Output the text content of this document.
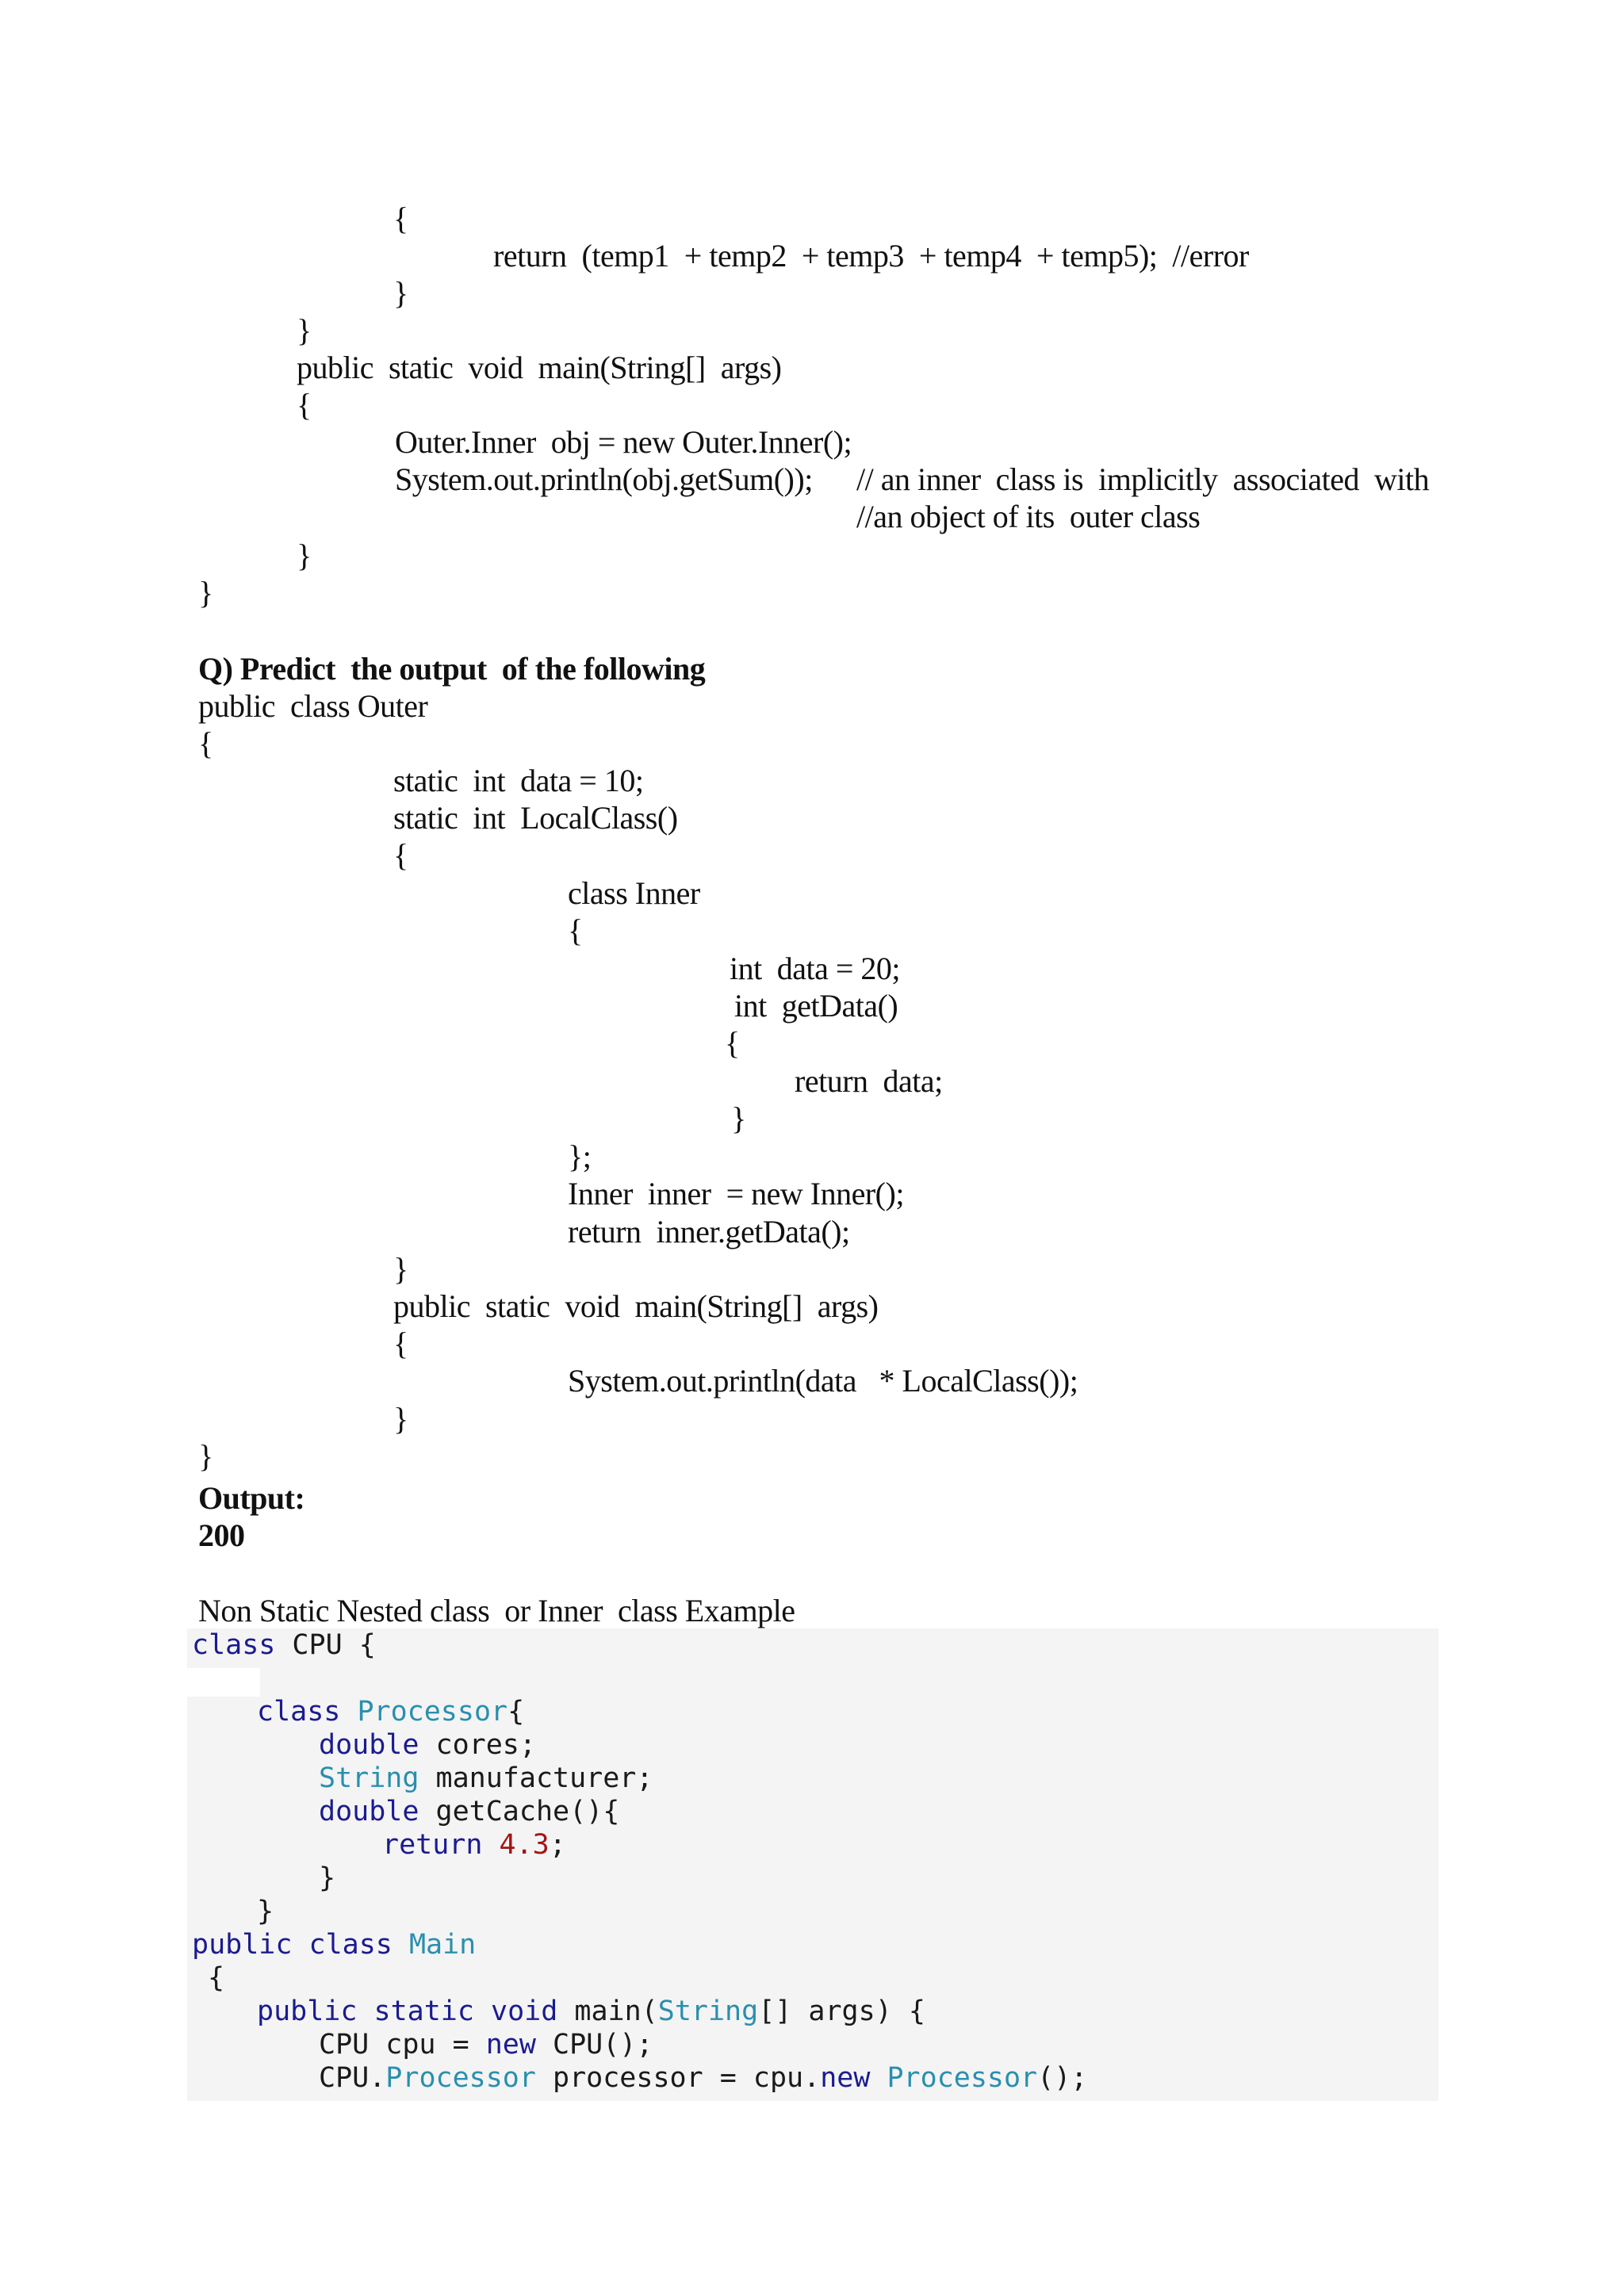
{
return  (temp1  + temp2  + temp3  + temp4  + temp5);  //error
}
}
public  static  void  main(String[]  args)
{
Outer.Inner  obj = new Outer.Inner();
System.out.println(obj.getSum()); // an inner  class is  implicitly  associated  with
//an object of its  outer class
}
}
Q) Predict  the output  of the following
public  class Outer
{
static  int  data = 10;
static  int  LocalClass()
{
class Inner
{
int  data = 20;
int  getData()
{
return  data;
}
};
Inner  inner  = new Inner();
return  inner.getData();
}
public  static  void  main(String[]  args)
{
System.out.println(data   * LocalClass());
}
}
Output:
200
Non Static Nested class  or Inner  class Example
class CPU {
class Processor{
double cores;
String manufacturer;
double getCache(){
return 4.3;
}
}
public class Main
{
public static void main(String[] args) {
CPU cpu = new CPU();
CPU.Processor processor = cpu.new Processor();
